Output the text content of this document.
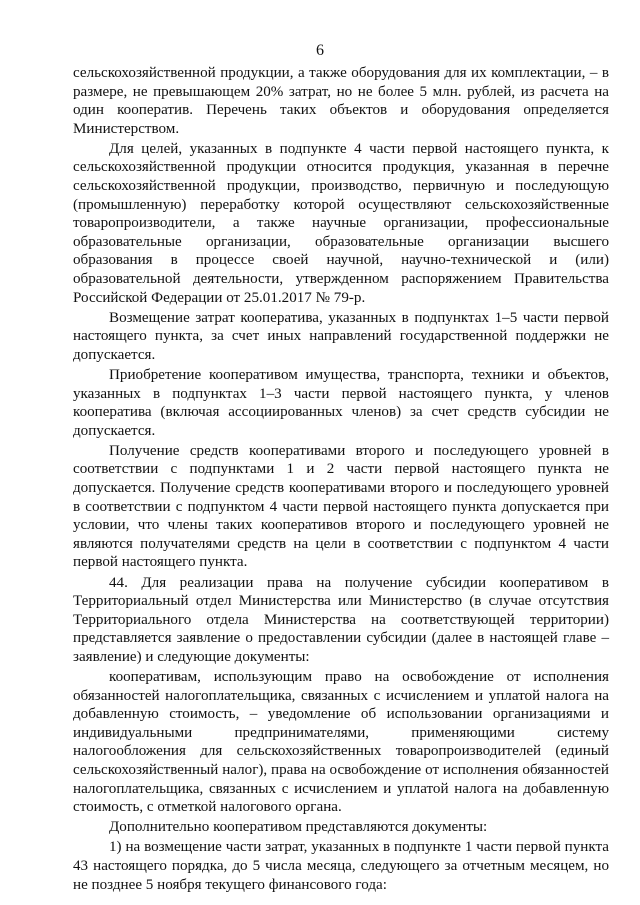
6

сельскохозяйственной продукции, а также оборудования для их комплектации, – в размере, не превышающем 20% затрат, но не более 5 млн. рублей, из расчета на один кооператив. Перечень таких объектов и оборудования определяется Министерством.

Для целей, указанных в подпункте 4 части первой настоящего пункта, к сельскохозяйственной продукции относится продукция, указанная в перечне сельскохозяйственной продукции, производство, первичную и последующую (промышленную) переработку которой осуществляют сельскохозяйственные товаропроизводители, а также научные организации, профессиональные образовательные организации, образовательные организации высшего образования в процессе своей научной, научно-технической и (или) образовательной деятельности, утвержденном распоряжением Правительства Российской Федерации от 25.01.2017 № 79-р.

Возмещение затрат кооператива, указанных в подпунктах 1–5 части первой настоящего пункта, за счет иных направлений государственной поддержки не допускается.

Приобретение кооперативом имущества, транспорта, техники и объектов, указанных в подпунктах 1–3 части первой настоящего пункта, у членов кооператива (включая ассоциированных членов) за счет средств субсидии не допускается.

Получение средств кооперативами второго и последующего уровней в соответствии с подпунктами 1 и 2 части первой настоящего пункта не допускается. Получение средств кооперативами второго и последующего уровней в соответствии с подпунктом 4 части первой настоящего пункта допускается при условии, что члены таких кооперативов второго и последующего уровней не являются получателями средств на цели в соответствии с подпунктом 4 части первой настоящего пункта.

44. Для реализации права на получение субсидии кооперативом в Территориальный отдел Министерства или Министерство (в случае отсутствия Территориального отдела Министерства на соответствующей территории) представляется заявление о предоставлении субсидии (далее в настоящей главе – заявление) и следующие документы:

кооперативам, использующим право на освобождение от исполнения обязанностей налогоплательщика, связанных с исчислением и уплатой налога на добавленную стоимость, – уведомление об использовании организациями и индивидуальными предпринимателями, применяющими систему налогообложения для сельскохозяйственных товаропроизводителей (единый сельскохозяйственный налог), права на освобождение от исполнения обязанностей налогоплательщика, связанных с исчислением и уплатой налога на добавленную стоимость, с отметкой налогового органа.

Дополнительно кооперативом представляются документы:

1) на возмещение части затрат, указанных в подпункте 1 части первой пункта 43 настоящего порядка, до 5 числа месяца, следующего за отчетным месяцем, но не позднее 5 ноября текущего финансового года:
